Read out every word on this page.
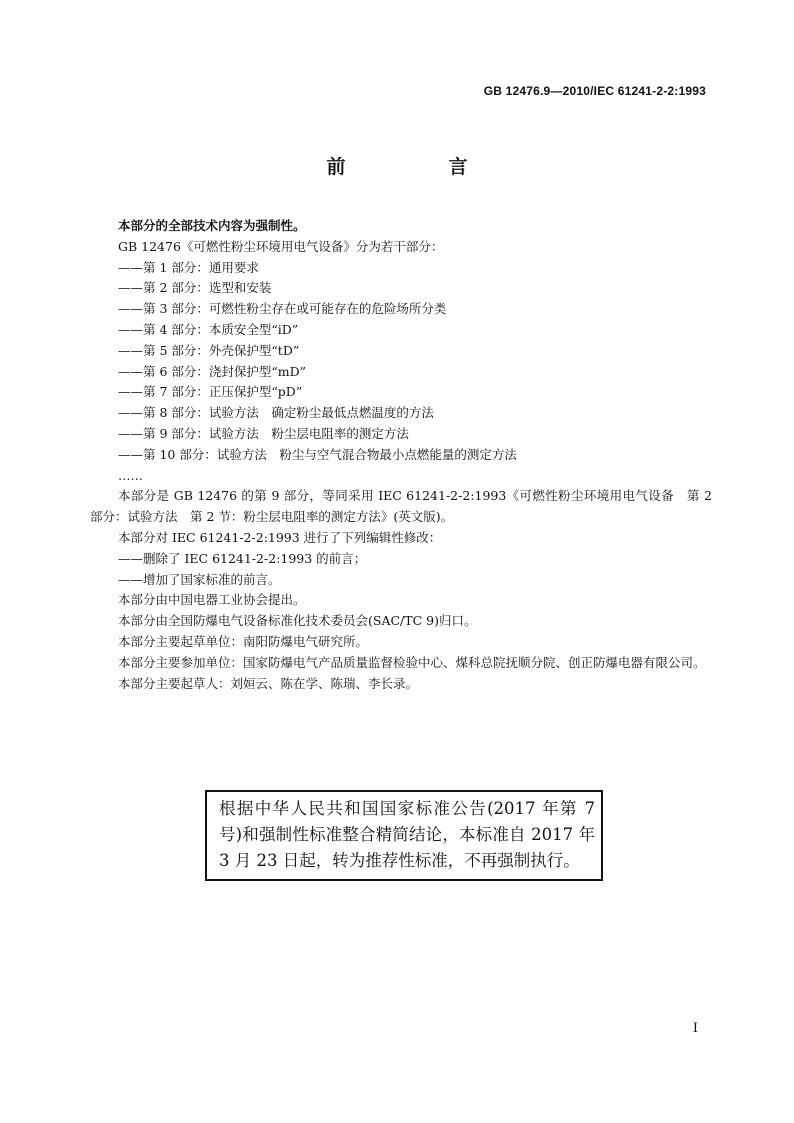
GB 12476.9—2010/IEC 61241-2-2:1993
前　言

本部分的全部技术内容为强制性。

GB 12476《可燃性粉尘环境用电气设备》分为若干部分：

——第 1 部分：通用要求

——第 2 部分：选型和安装

——第 3 部分：可燃性粉尘存在或可能存在的危险场所分类

——第 4 部分：本质安全型“iD”

——第 5 部分：外壳保护型“tD”

——第 6 部分：浇封保护型“mD”

——第 7 部分：正压保护型“pD”

——第 8 部分：试验方法　确定粉尘最低点燃温度的方法

——第 9 部分：试验方法　粉尘层电阻率的测定方法

——第 10 部分：试验方法　粉尘与空气混合物最小点燃能量的测定方法

……

本部分是 GB 12476 的第 9 部分，等同采用 IEC 61241-2-2:1993《可燃性粉尘环境用电气设备　第 2 部分：试验方法　第 2 节：粉尘层电阻率的测定方法》(英文版)。

本部分对 IEC 61241-2-2:1993 进行了下列编辑性修改：

——删除了 IEC 61241-2-2:1993 的前言；

——增加了国家标准的前言。

本部分由中国电器工业协会提出。

本部分由全国防爆电气设备标准化技术委员会(SAC/TC 9)归口。

本部分主要起草单位：南阳防爆电气研究所。

本部分主要参加单位：国家防爆电气产品质量监督检验中心、煤科总院抚顺分院、创正防爆电器有限公司。

本部分主要起草人：刘姮云、陈在学、陈瑞、李长录。

根据中华人民共和国国家标准公告(2017 年第 7 号)和强制性标准整合精简结论，本标准自 2017 年 3 月 23 日起，转为推荐性标准，不再强制执行。
I
